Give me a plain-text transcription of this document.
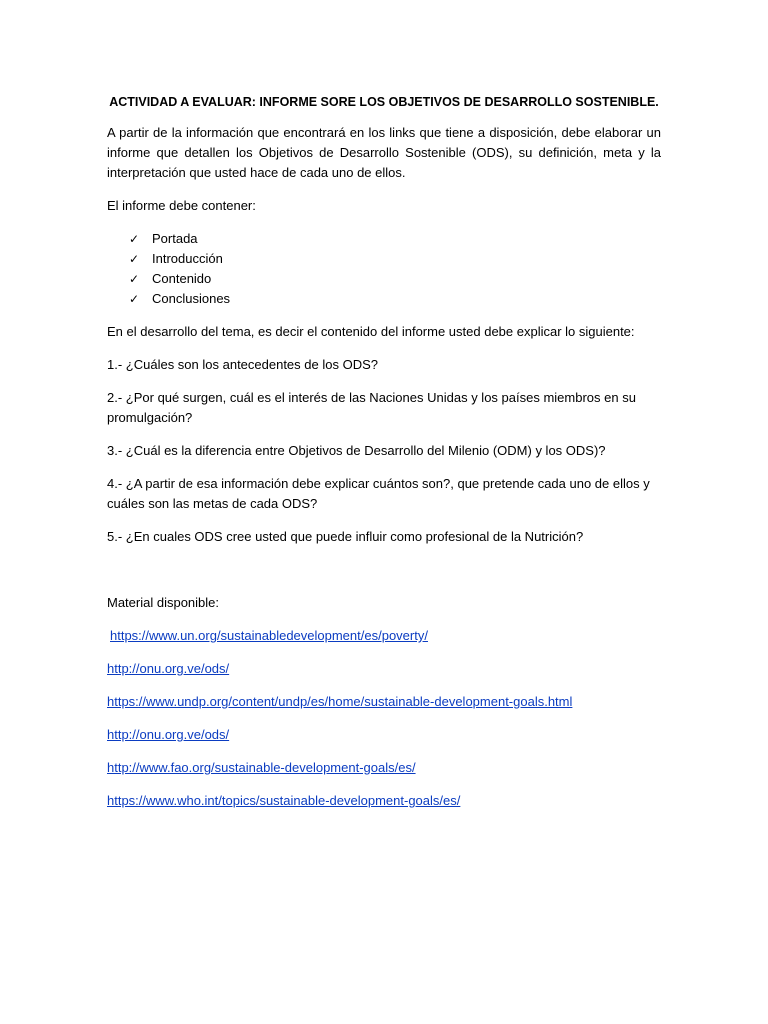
ACTIVIDAD A EVALUAR: INFORME SORE LOS OBJETIVOS DE DESARROLLO SOSTENIBLE.

A partir de la información que encontrará en los links que tiene a disposición, debe elaborar un informe que detallen los Objetivos de Desarrollo Sostenible (ODS), su definición, meta y la interpretación que usted hace de cada uno de ellos.

El informe debe contener:

✓ Portada
✓ Introducción
✓ Contenido
✓ Conclusiones

En el desarrollo del tema, es decir el contenido del informe usted debe explicar lo siguiente:

1.- ¿Cuáles son los antecedentes de los ODS?

2.- ¿Por qué surgen, cuál es el interés de las Naciones Unidas y los países miembros en su promulgación?

3.- ¿Cuál es la diferencia entre Objetivos de Desarrollo del Milenio (ODM) y los ODS)?

4.- ¿A partir de esa información debe explicar cuántos son?, que pretende cada uno de ellos y cuáles son las metas de cada ODS?

5.- ¿En cuales ODS cree usted que puede influir como profesional de la Nutrición?

Material disponible:

https://www.un.org/sustainabledevelopment/es/poverty/
http://onu.org.ve/ods/
https://www.undp.org/content/undp/es/home/sustainable-development-goals.html
http://onu.org.ve/ods/
http://www.fao.org/sustainable-development-goals/es/
https://www.who.int/topics/sustainable-development-goals/es/
